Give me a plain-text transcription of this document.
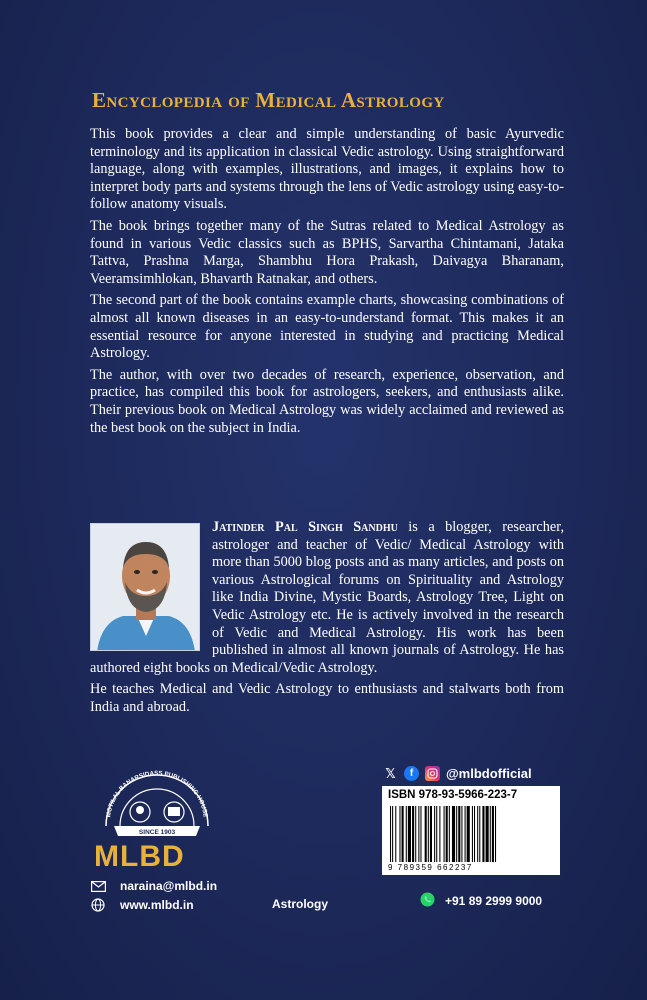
Encyclopedia of Medical Astrology

This book provides a clear and simple understanding of basic Ayurvedic terminology and its application in classical Vedic astrology. Using straightforward language, along with examples, illustrations, and images, it explains how to interpret body parts and systems through the lens of Vedic astrology using easy-to-follow anatomy visuals.

The book brings together many of the Sutras related to Medical Astrology as found in various Vedic classics such as BPHS, Sarvartha Chintamani, Jataka Tattva, Prashna Marga, Shambhu Hora Prakash, Daivagya Bharanam, Veeramsimhlokan, Bhavarth Ratnakar, and others.

The second part of the book contains example charts, showcasing combinations of almost all known diseases in an easy-to-understand format. This makes it an essential resource for anyone interested in studying and practicing Medical Astrology.

The author, with over two decades of research, experience, observation, and practice, has compiled this book for astrologers, seekers, and enthusiasts alike. Their previous book on Medical Astrology was widely acclaimed and reviewed as the best book on the subject in India.

Jatinder Pal Singh Sandhu is a blogger, researcher, astrologer and teacher of Vedic/ Medical Astrology with more than 5000 blog posts and as many articles, and posts on various Astrological forums on Spirituality and Astrology like India Divine, Mystic Boards, Astrology Tree, Light on Vedic Astrology etc. He is actively involved in the research of Vedic and Medical Astrology. His work has been published in almost all known journals of Astrology. He has authored eight books on Medical/Vedic Astrology.

He teaches Medical and Vedic Astrology to enthusiasts and stalwarts both from India and abroad.

MOTILAL BANARSIDASS PUBLISHING HOUSE
SINCE 1903
MLBD
naraina@mlbd.in
www.mlbd.in	Astrology
𝕏	f	@mlbdofficial
ISBN 978-93-5966-223-7
9 789359 662237
+91 89 2999 9000
